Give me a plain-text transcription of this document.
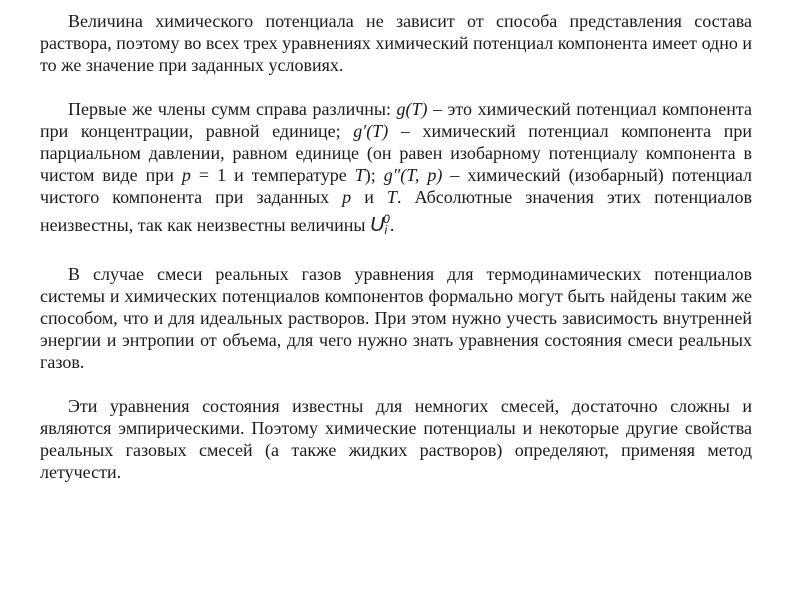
Величина химического потенциала не зависит от способа представления состава раствора, поэтому во всех трех уравнениях химический потенциал компонента имеет одно и то же значение при заданных условиях.

Первые же члены сумм справа различны: g(T) – это химический потенциал компонента при концентрации, равной единице; g′(T) – химический потенциал компонента при парциальном давлении, равном единице (он равен изобарному потенциалу компонента в чистом виде при p = 1 и температуре T); g″(T, p) – химический (изобарный) потенциал чистого компонента при заданных p и T. Абсолютные значения этих потенциалов неизвестны, так как неизвестны величины $U_i^0$.

В случае смеси реальных газов уравнения для термодинамических потенциалов системы и химических потенциалов компонентов формально могут быть найдены таким же способом, что и для идеальных растворов. При этом нужно учесть зависимость внутренней энергии и энтропии от объема, для чего нужно знать уравнения состояния смеси реальных газов.

Эти уравнения состояния известны для немногих смесей, достаточно сложны и являются эмпирическими. Поэтому химические потенциалы и некоторые другие свойства реальных газовых смесей (а также жидких растворов) определяют, применяя метод летучести.
